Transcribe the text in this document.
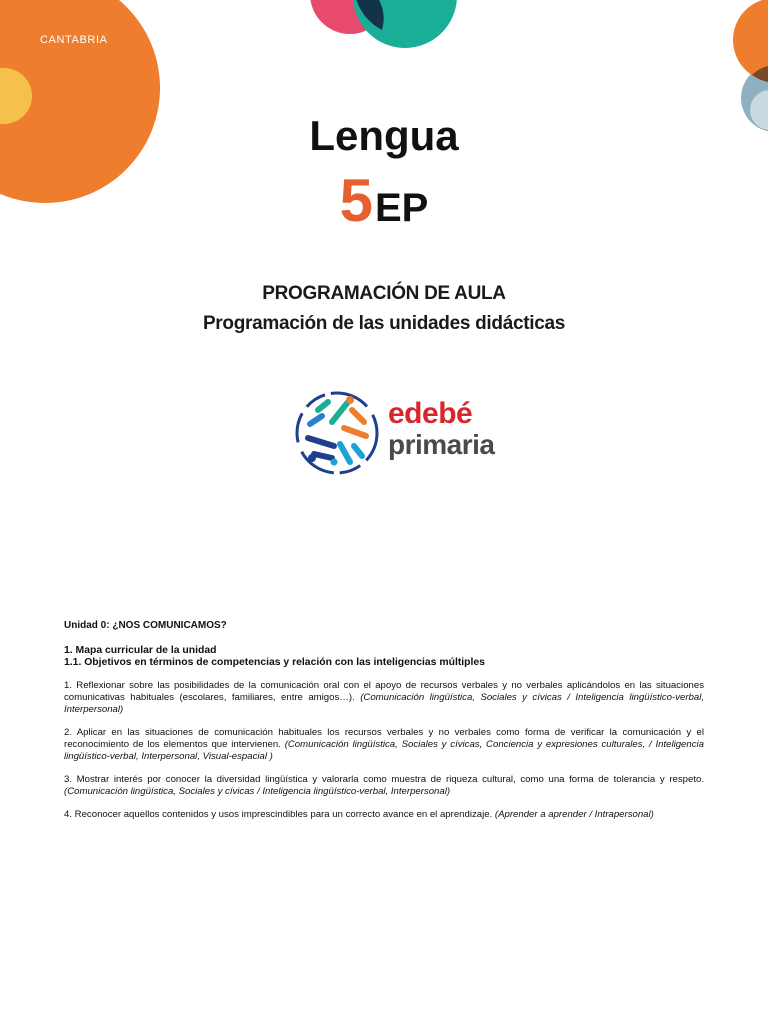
CANTABRIA
Lengua
5EP
PROGRAMACIÓN DE AULA
Programación de las unidades didácticas
edebé
primaria

Unidad 0: ¿NOS COMUNICAMOS?

1. Mapa curricular de la unidad

1.1. Objetivos en términos de competencias y relación con las inteligencias múltiples

1. Reflexionar sobre las posibilidades de la comunicación oral con el apoyo de recursos verbales y no verbales aplicándolos en las situaciones comunicativas habituales (escolares, familiares, entre amigos…). (Comunicación lingüística, Sociales y cívicas / Inteligencia lingüístico-verbal, Interpersonal)

2. Aplicar en las situaciones de comunicación habituales los recursos verbales y no verbales como forma de verificar la comunicación y el reconocimiento de los elementos que intervienen. (Comunicación lingüística, Sociales y cívicas, Conciencia y expresiones culturales, / Inteligencia lingüístico-verbal, Interpersonal, Visual-espacial )

3. Mostrar interés por conocer la diversidad lingüística y valorarla como muestra de riqueza cultural, como una forma de tolerancia y respeto. (Comunicación lingüística, Sociales y cívicas / Inteligencia lingüístico-verbal, Interpersonal)

4. Reconocer aquellos contenidos y usos imprescindibles para un correcto avance en el aprendizaje. (Aprender a aprender / Intrapersonal)
